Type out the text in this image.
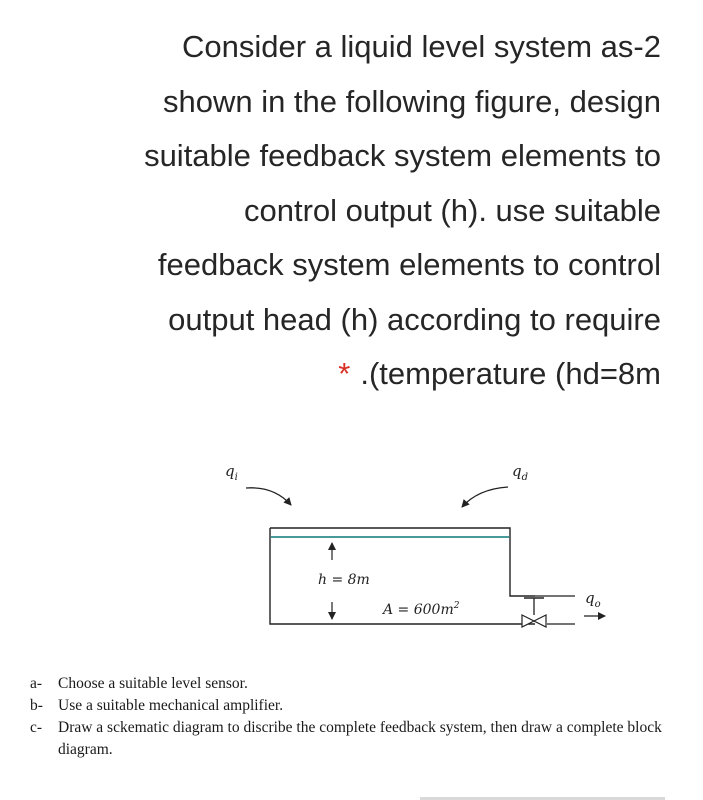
Consider a liquid level system as-2
shown in the following figure, design
suitable feedback system elements to
control output (h). use suitable
feedback system elements to control
output head (h) according to require
* .(temperature (hd=8m
$q_i$	$q_d$
h = 8m
$A = 600m^2$	$q_o$
a-	Choose a suitable level sensor.
b- Use a suitable mechanical amplifier.
c-	Draw a sckematic diagram to discribe the complete feedback system, then draw a complete block diagram.
